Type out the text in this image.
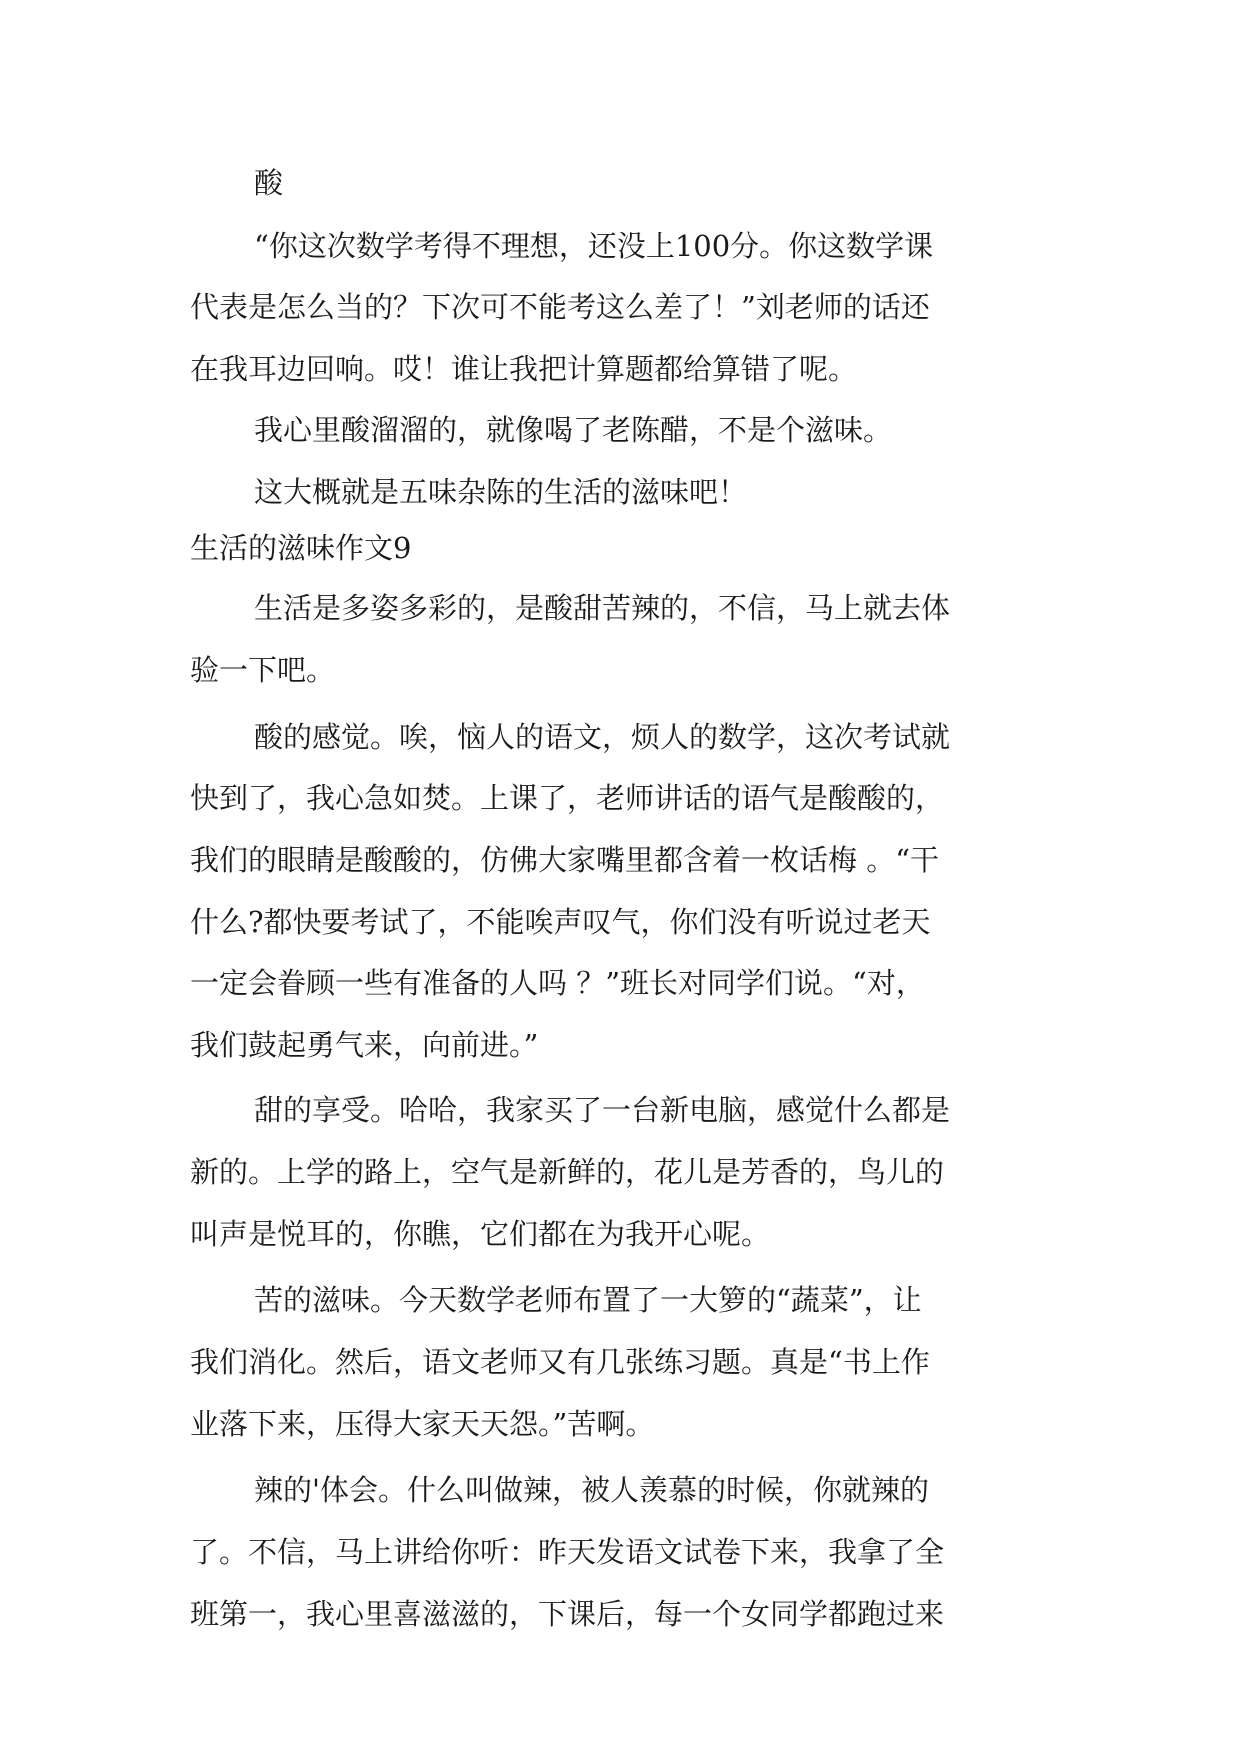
酸
“你这次数学考得不理想，还没上100分。你这数学课
代表是怎么当的？下次可不能考这么差了！”刘老师的话还
在我耳边回响。哎！谁让我把计算题都给算错了呢。
我心里酸溜溜的，就像喝了老陈醋，不是个滋味。
这大概就是五味杂陈的生活的滋味吧！
生活的滋味作文9
生活是多姿多彩的，是酸甜苦辣的，不信，马上就去体
验一下吧。
酸的感觉。唉，恼人的语文，烦人的数学，这次考试就
快到了，我心急如焚。上课了，老师讲话的语气是酸酸的，
我们的眼睛是酸酸的，仿佛大家嘴里都含着一枚话梅 。“干
什么?都快要考试了，不能唉声叹气，你们没有听说过老天
一定会眷顾一些有准备的人吗 ？”班长对同学们说。“对，
我们鼓起勇气来，向前进。”
甜的享受。哈哈，我家买了一台新电脑，感觉什么都是
新的。上学的路上，空气是新鲜的，花儿是芳香的，鸟儿的
叫声是悦耳的，你瞧，它们都在为我开心呢。
苦的滋味。今天数学老师布置了一大箩的“蔬菜”，让
我们消化。然后，语文老师又有几张练习题。真是“书上作
业落下来，压得大家天天怨。”苦啊。
辣的'体会。什么叫做辣，被人羡慕的时候，你就辣的
了。不信，马上讲给你听：昨天发语文试卷下来，我拿了全
班第一，我心里喜滋滋的，下课后，每一个女同学都跑过来
